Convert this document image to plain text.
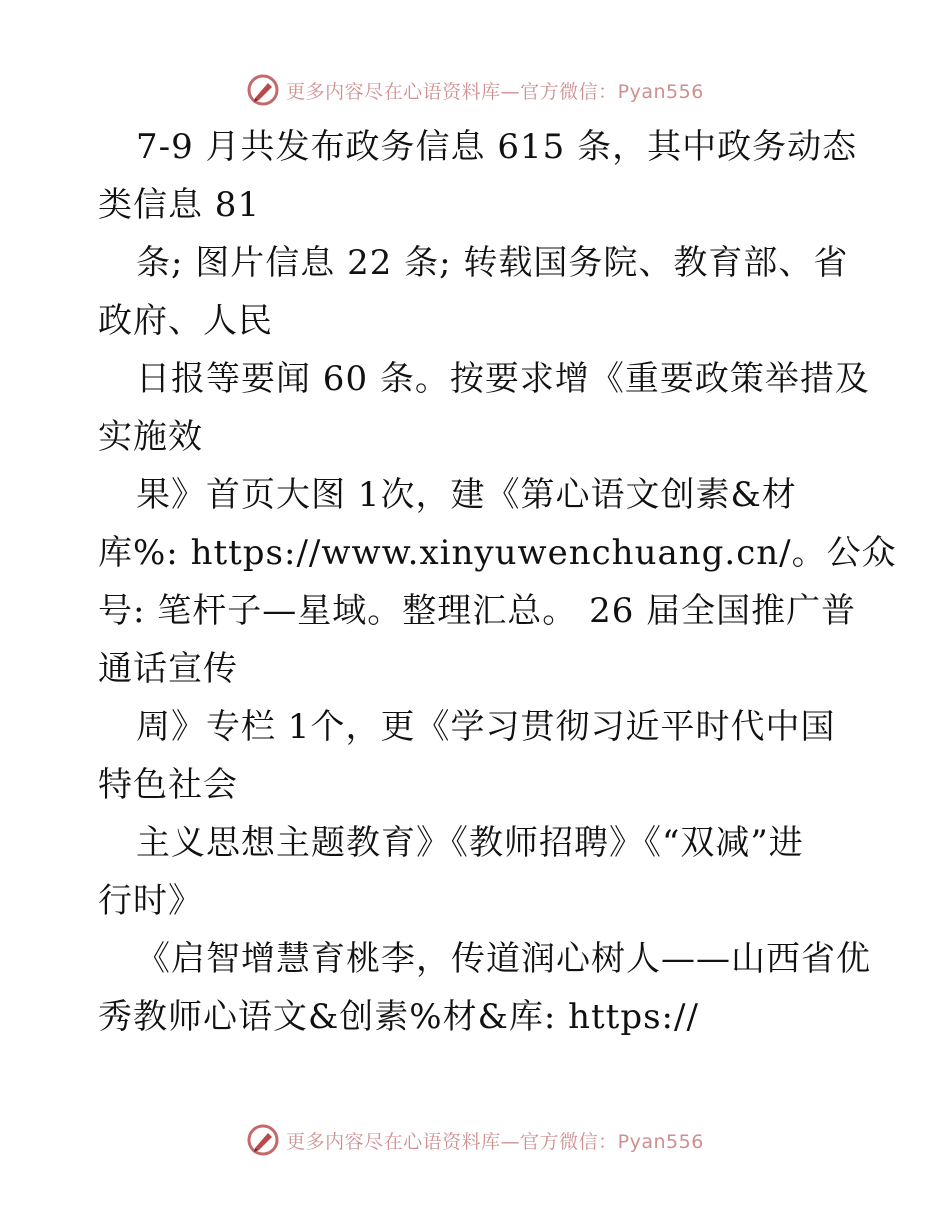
更多内容尽在心语资料库—官方微信：Pyan556
7-9 月共发布政务信息 615 条，其中政务动态
类信息 81
条; 图片信息 22 条; 转载国务院、教育部、省
政府、人民
日报等要闻 60 条。按要求增《重要政策举措及
实施效
果》首页大图 1次，建《第心语文创素&材
库%: https://www.xinyuwenchuang.cn/。公众
号: 笔杆子—星域。整理汇总。 26 届全国推广普
通话宣传
周》专栏 1个，更《学习贯彻习近平时代中国
特色社会
主义思想主题教育》《教师招聘》《“双减”进
行时》
《启智增慧育桃李，传道润心树人——山西省优
秀教师心语文&创素%材&库: https://
更多内容尽在心语资料库—官方微信：Pyan556
